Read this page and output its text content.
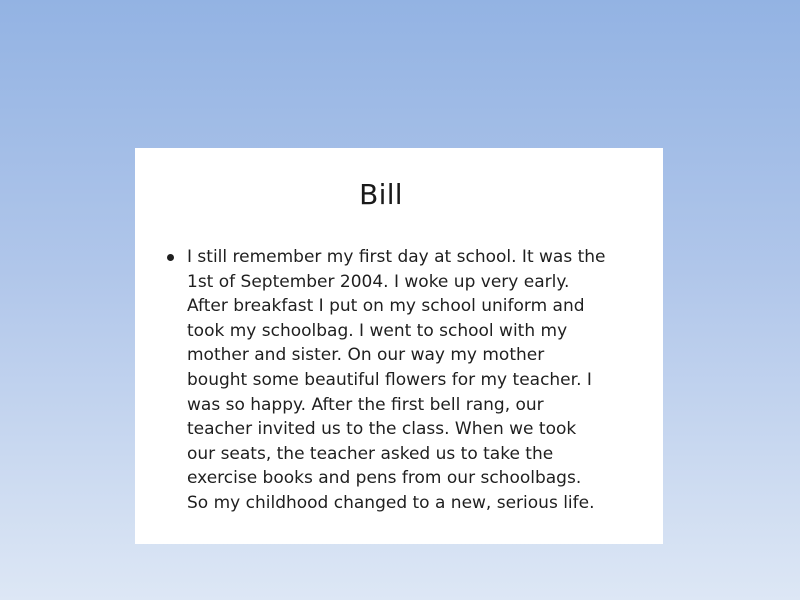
Bill
I still remember my first day at school. It was the
1st of September 2004. I woke up very early.
After breakfast I put on my school uniform and
took my schoolbag. I went to school with my
mother and sister. On our way my mother
bought some beautiful flowers for my teacher. I
was so happy. After the first bell rang, our
teacher invited us to the class. When we took
our seats, the teacher asked us to take the
exercise books and pens from our schoolbags.
So my childhood changed to a new, serious life.
